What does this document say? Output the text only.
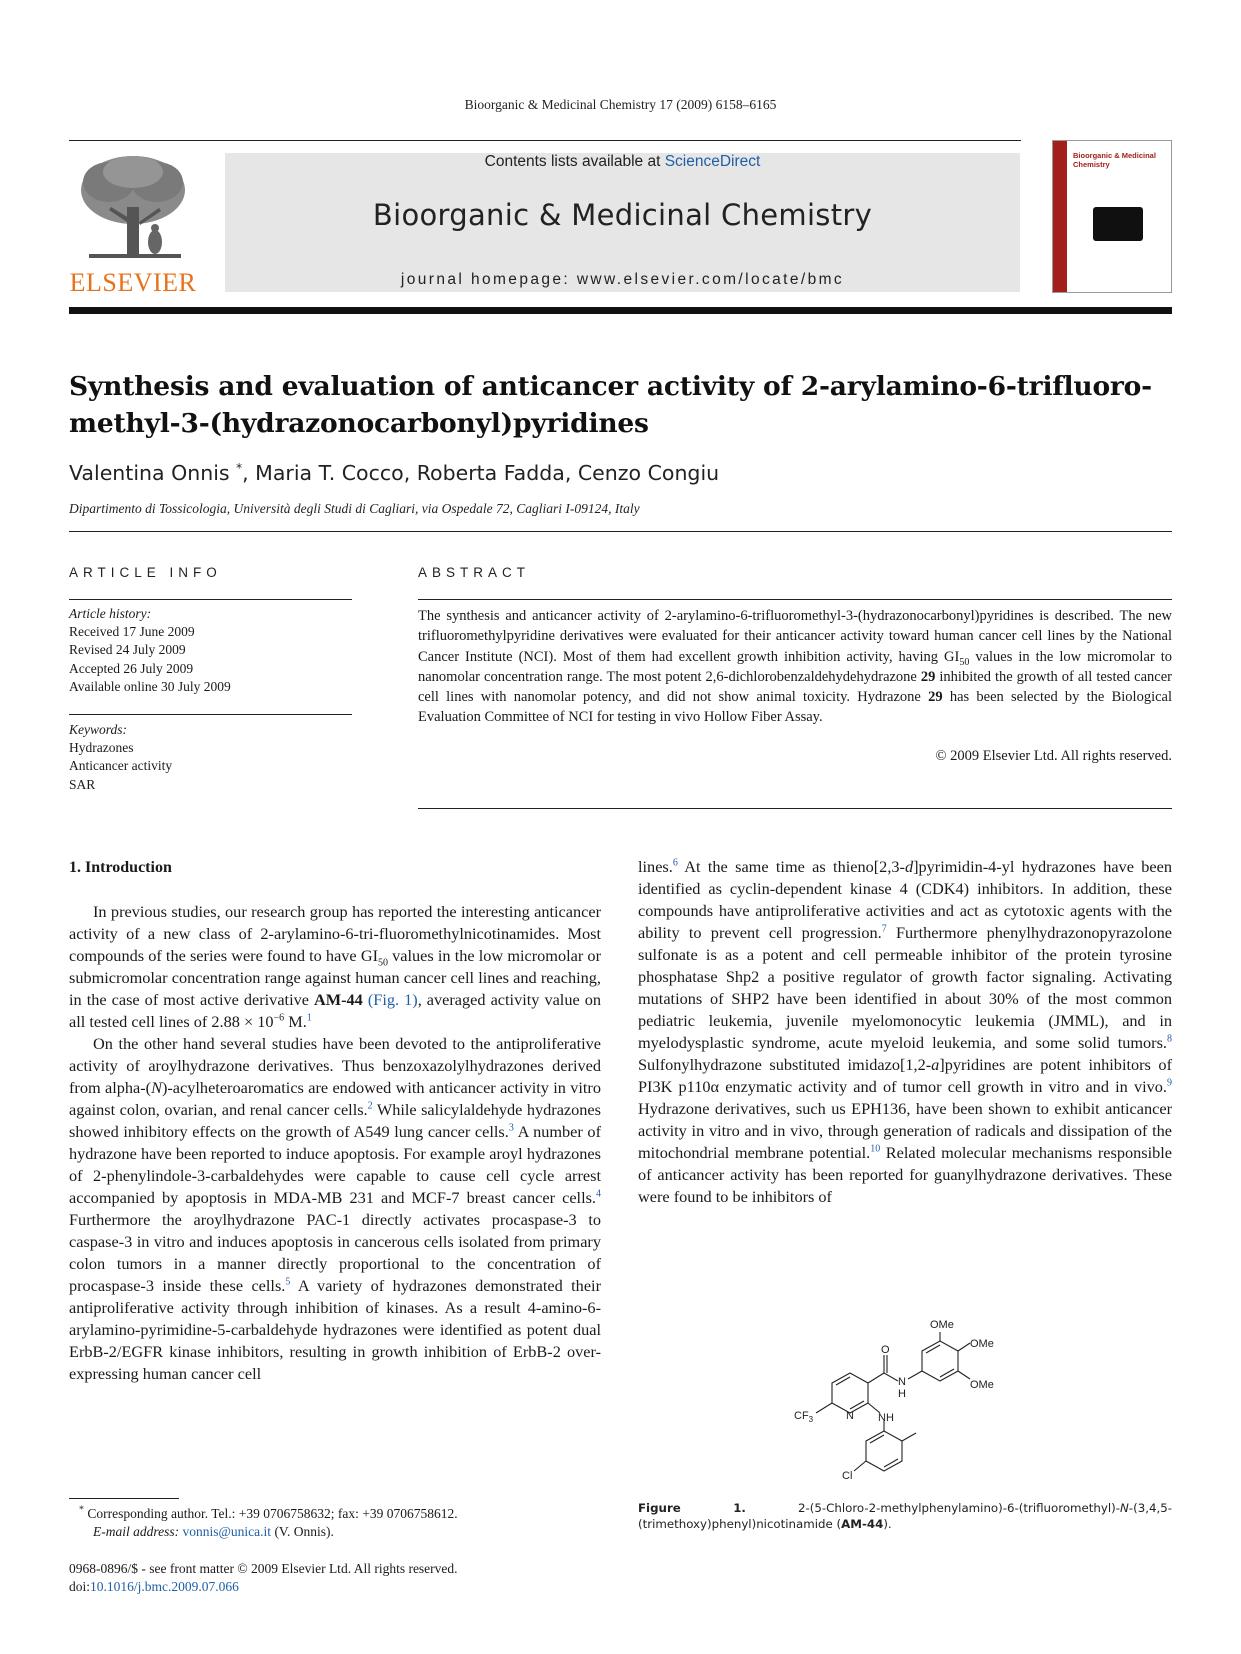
Bioorganic & Medicinal Chemistry 17 (2009) 6158–6165
ELSEVIER
Contents lists available at ScienceDirect
Bioorganic & Medicinal Chemistry
journal homepage: www.elsevier.com/locate/bmc
Bioorganic & Medicinal Chemistry
Synthesis and evaluation of anticancer activity of 2-arylamino-6-trifluoro-
methyl-3-(hydrazonocarbonyl)pyridines
Valentina Onnis *, Maria T. Cocco, Roberta Fadda, Cenzo Congiu
Dipartimento di Tossicologia, Università degli Studi di Cagliari, via Ospedale 72, Cagliari I-09124, Italy
ARTICLE INFO
Article history:
Received 17 June 2009
Revised 24 July 2009
Accepted 26 July 2009
Available online 30 July 2009
Keywords:
Hydrazones
Anticancer activity
SAR
ABSTRACT
The synthesis and anticancer activity of 2-arylamino-6-trifluoromethyl-3-(hydrazonocarbonyl)pyridines is described. The new trifluoromethylpyridine derivatives were evaluated for their anticancer activity toward human cancer cell lines by the National Cancer Institute (NCI). Most of them had excellent growth inhibition activity, having $GI_{50}$ values in the low micromolar to nanomolar concentration range. The most potent 2,6-dichlorobenzaldehydehydrazone 29 inhibited the growth of all tested cancer cell lines with nanomolar potency, and did not show animal toxicity. Hydrazone 29 has been selected by the Biological Evaluation Committee of NCI for testing in vivo Hollow Fiber Assay.
© 2009 Elsevier Ltd. All rights reserved.
1. Introduction

In previous studies, our research group has reported the interesting anticancer activity of a new class of 2-arylamino-6-tri-fluoromethylnicotinamides. Most compounds of the series were found to have $GI_{50}$ values in the low micromolar or submicromolar concentration range against human cancer cell lines and reaching, in the case of most active derivative AM-44 (Fig. 1), averaged activity value on all tested cell lines of $2.88 \times 10^{-6}$ M.$^1$

On the other hand several studies have been devoted to the antiproliferative activity of aroylhydrazone derivatives. Thus benzoxazolylhydrazones derived from alpha-(N)-acylheteroaromatics are endowed with anticancer activity in vitro against colon, ovarian, and renal cancer cells.$^2$ While salicylaldehyde hydrazones showed inhibitory effects on the growth of A549 lung cancer cells.$^3$ A number of hydrazone have been reported to induce apoptosis. For example aroyl hydrazones of 2-phenylindole-3-carbaldehydes were capable to cause cell cycle arrest accompanied by apoptosis in MDA-MB 231 and MCF-7 breast cancer cells.$^4$ Furthermore the aroylhydrazone PAC-1 directly activates procaspase-3 to caspase-3 in vitro and induces apoptosis in cancerous cells isolated from primary colon tumors in a manner directly proportional to the concentration of procaspase-3 inside these cells.$^5$ A variety of hydrazones demonstrated their antiproliferative activity through inhibition of kinases. As a result 4-amino-6-arylamino-pyrimidine-5-carbaldehyde hydrazones were identified as potent dual ErbB-2/EGFR kinase inhibitors, resulting in growth inhibition of ErbB-2 over-expressing human cancer cell

lines.$^6$ At the same time as thieno[2,3-d]pyrimidin-4-yl hydrazones have been identified as cyclin-dependent kinase 4 (CDK4) inhibitors. In addition, these compounds have antiproliferative activities and act as cytotoxic agents with the ability to prevent cell progression.$^7$ Furthermore phenylhydrazonopyrazolone sulfonate is as a potent and cell permeable inhibitor of the protein tyrosine phosphatase Shp2 a positive regulator of growth factor signaling. Activating mutations of SHP2 have been identified in about 30% of the most common pediatric leukemia, juvenile myelomonocytic leukemia (JMML), and in myelodysplastic syndrome, acute myeloid leukemia, and some solid tumors.$^8$ Sulfonylhydrazone substituted imidazo[1,2-a]pyridines are potent inhibitors of PI3K p110α enzymatic activity and of tumor cell growth in vitro and in vivo.$^9$ Hydrazone derivatives, such us EPH136, have been shown to exhibit anticancer activity in vitro and in vivo, through generation of radicals and dissipation of the mitochondrial membrane potential.$^{10}$ Related molecular mechanisms responsible of anticancer activity has been reported for guanylhydrazone derivatives. These were found to be inhibitors of

OMe
OMe
OMe
O
N
H
$CF_3$	N NH
Cl
Figure 1. 2-(5-Chloro-2-methylphenylamino)-6-(trifluoromethyl)-N-(3,4,5-(trimethoxy)phenyl)nicotinamide (AM-44).
* Corresponding author. Tel.: +39 0706758632; fax: +39 0706758612.
E-mail address: vonnis@unica.it (V. Onnis).
0968-0896/$ - see front matter © 2009 Elsevier Ltd. All rights reserved.
doi:10.1016/j.bmc.2009.07.066
